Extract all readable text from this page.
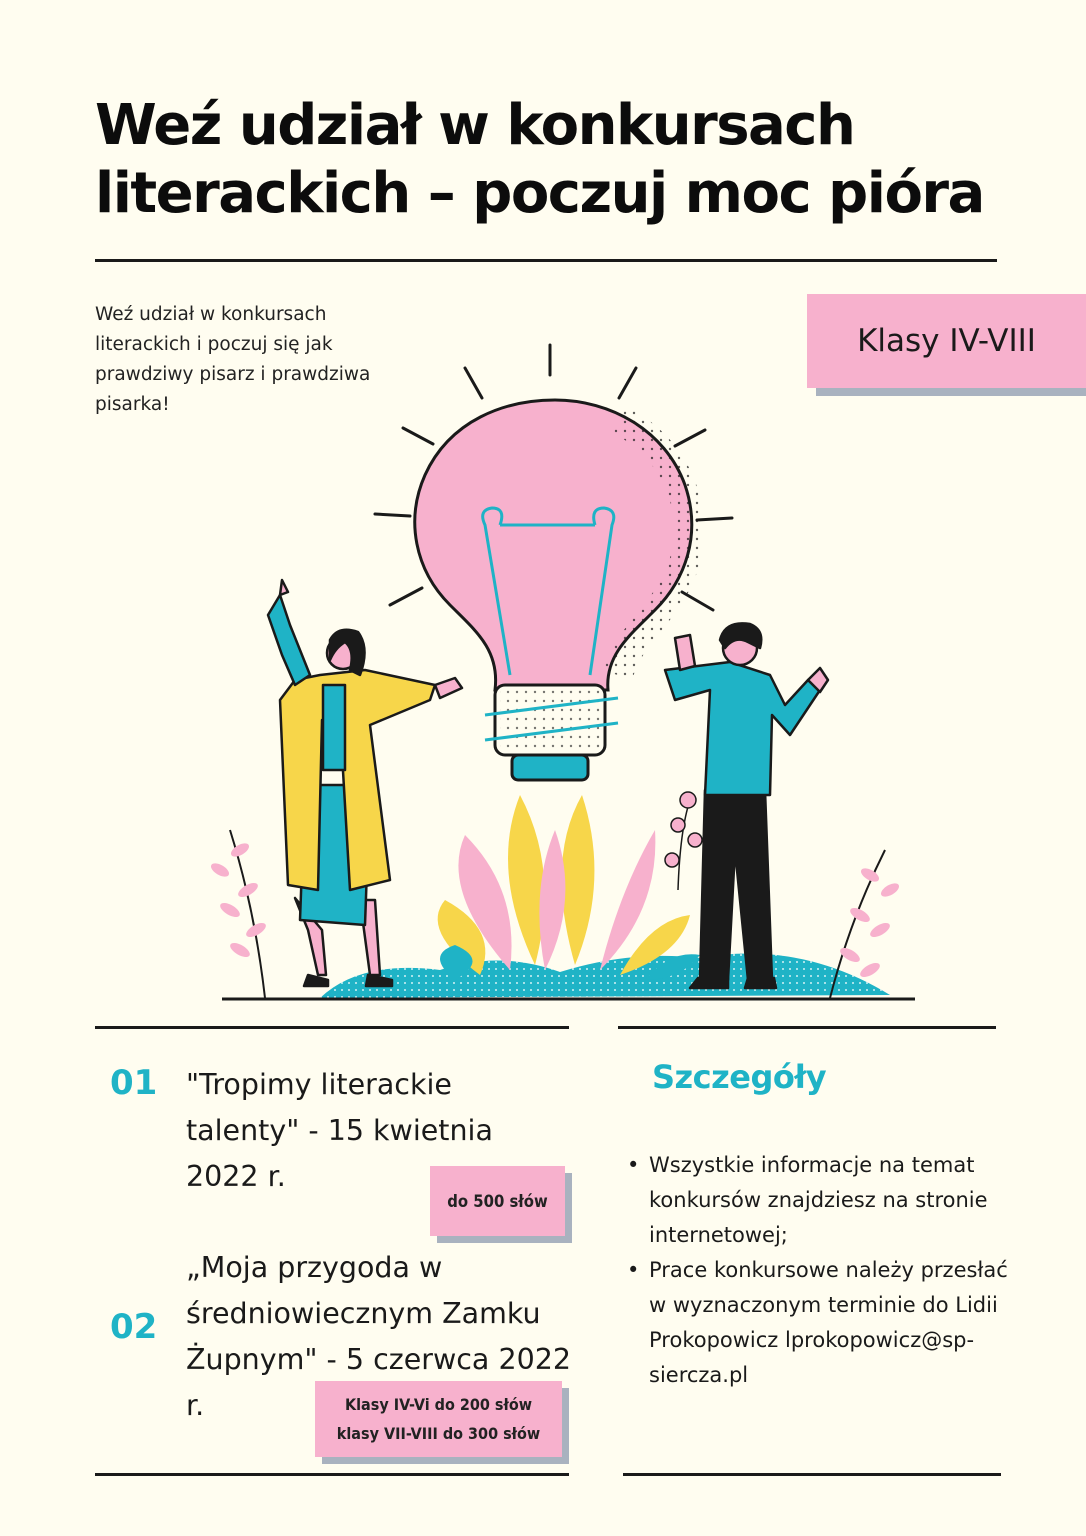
Weź udział w konkursach
literackich – poczuj moc pióra
Weź udział w konkursach literackich i poczuj się jak prawdziwy pisarz i prawdziwa pisarka!
Klasy IV-VIII
01 "Tropimy literackie talenty" - 15 kwietnia 2022 r.
do 500 słów
02
„Moja przygoda w średniowiecznym Zamku Żupnym" - 5 czerwca 2022 r.	Klasy IV-Vi do 200 słów
klasy VII-VIII do 300 słów
Szczegóły
• Wszystkie informacje na temat konkursów znajdziesz na stronie internetowej;
• Prace konkursowe należy przesłać w wyznaczonym terminie do Lidii Prokopowicz lprokopowicz@sp-siercza.pl
